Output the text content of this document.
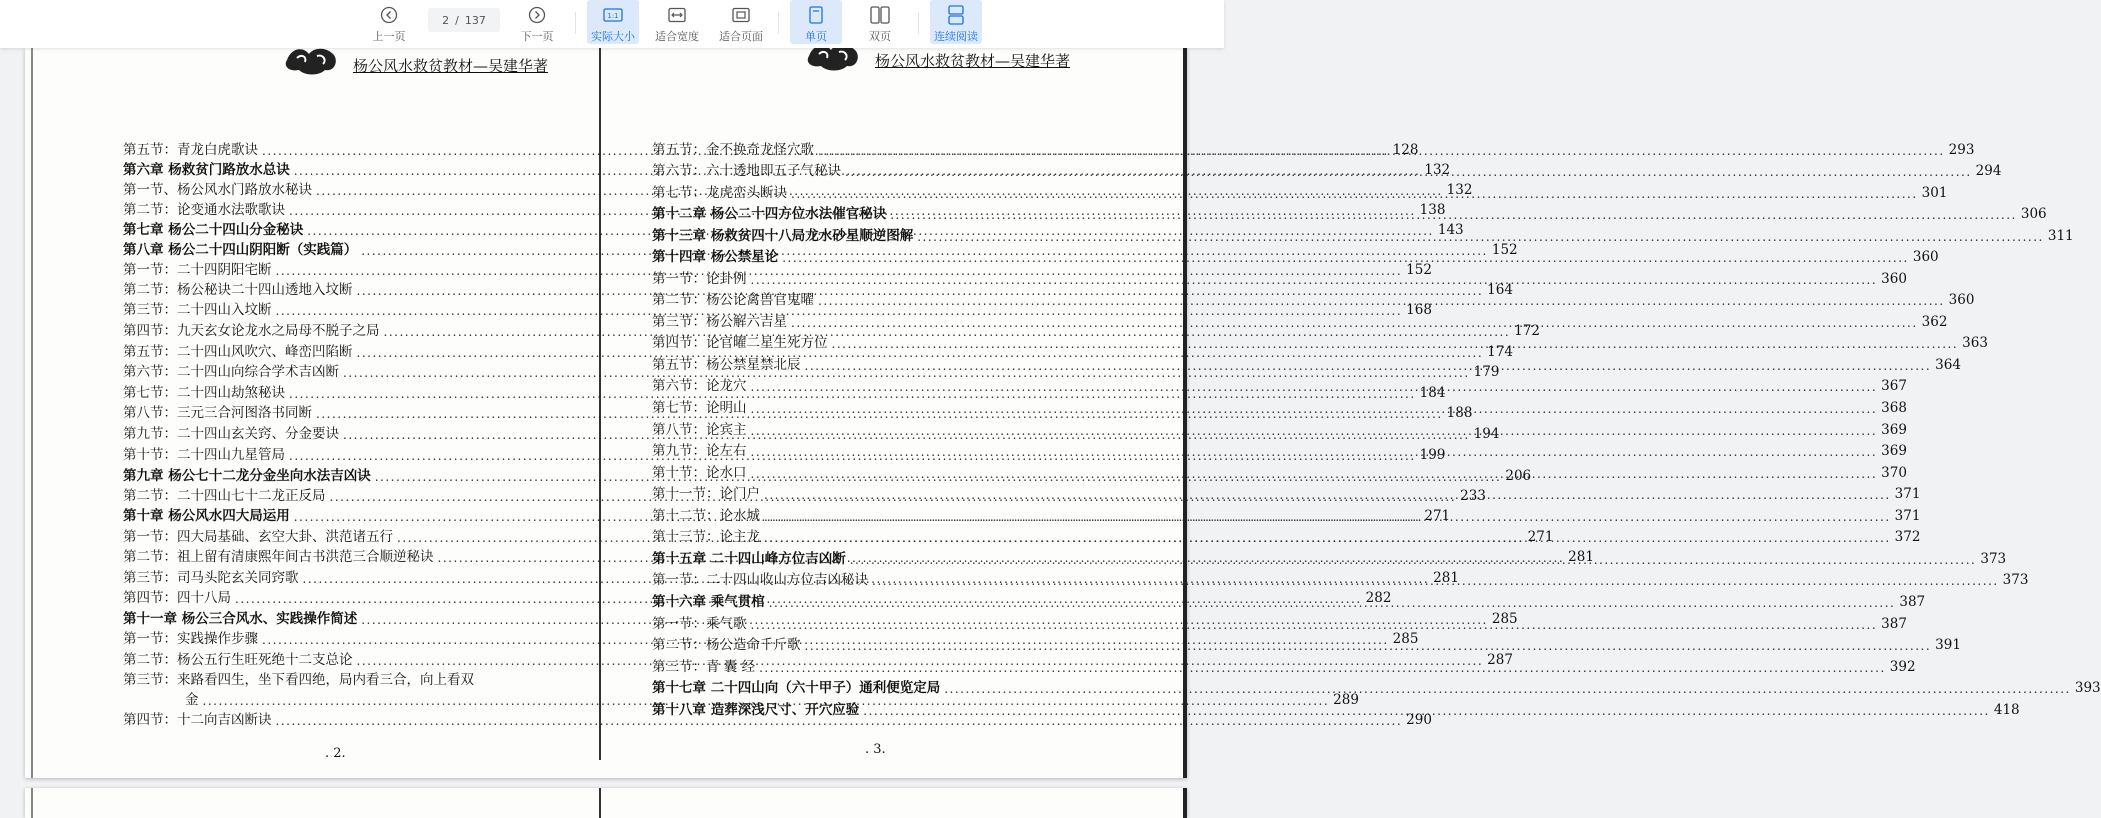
上一页
2 / 137
下一页
1:1
实际大小 适合宽度 适合页面	单页	双页	连续阅读
杨公风水救贫教材—吴建华著	杨公风水救贫教材—吴建华著
第五节：青龙白虎歌诀 .....	128
第六章 杨救贫门路放水总诀 .....	132
第一节、杨公风水门路放水秘诀 .....	132
第二节：论变通水法歌歌诀 .....	138
第七章 杨公二十四山分金秘诀 .....	143
第八章 杨公二十四山阴阳断（实践篇） .....	152
第一节：二十四阴阳宅断 .....	152
第二节：杨公秘诀二十四山透地入坟断 .....	164
第三节：二十四山入坟断 .....	168
第四节：九天玄女论龙水之局母不脱子之局 .....	172
第五节：二十四山风吹穴、峰峦凹陷断 .....	174
第六节：二十四山向综合学术吉凶断 .....	179
第七节：二十四山劫煞秘诀 .....	184
第八节：三元三合河图洛书同断 .....	188
第九节：二十四山玄关窍、分金要诀 .....	194
第十节：二十四山九星管局 .....	199
第九章 杨公七十二龙分金坐向水法吉凶诀 .....	206
第二节：二十四山七十二龙正反局 .....	233
第十章 杨公风水四大局运用 .....	271
第一节：四大局基础、玄空大卦、洪范诸五行 .....	271
第二节：祖上留有清康熙年间古书洪范三合顺逆秘诀 .....	281
第三节：司马头陀玄关同窍歌 .....	281
第四节：四十八局 .....	282
第十一章 杨公三合风水、实践操作简述 .....	285
第一节：实践操作步骤 .....	285
第二节：杨公五行生旺死绝十二支总论 .....	287
第三节：来路看四生，坐下看四绝，局内看三合，向上看双
金 .....	289
第四节：十二向吉凶断诀 .....	290
第五节：金不换奇龙怪穴歌 .....	293
第六节：六十透地即五子气秘诀 .....	294
第七节：龙虎峦头断诀 .....	301
第十二章 杨公二十四方位水法催官秘诀 .....	306
第十三章 杨救贫四十八局龙水砂星顺逆图解 .....	311
第十四章 杨公禁星论 .....	360
第一节：论卦例 .....	360
第二节：杨公论禽兽官鬼曜 .....	360
第三节：杨公解六吉星 .....	362
第四节：论官曜二星生死方位 .....	363
第五节：杨公禁星禁北辰 .....	364
第六节：论龙穴 .....	367
第七节：论明山 .....	368
第八节：论宾主 .....	369
第九节：论左右 .....	369
第十节：论水口 .....	370
第十一节：论门户 .....	371
第十二节：论水城 .....	371
第十三节：论主龙 .....	372
第十五章 二十四山峰方位吉凶断 .....	373
第一节：二十四山收山方位吉凶秘诀 .....	373
第十六章 乘气贯棺 .....	387
第一节：乘气歌 .....	387
第二节：杨公造命千斤歌 .....	391
第三节：青 囊 经 .....	392
第十七章 二十四山向（六十甲子）通利便览定局 .....	393
第十八章 造葬深浅尺寸、开穴应验 .....	418
. 2.	. 3.
